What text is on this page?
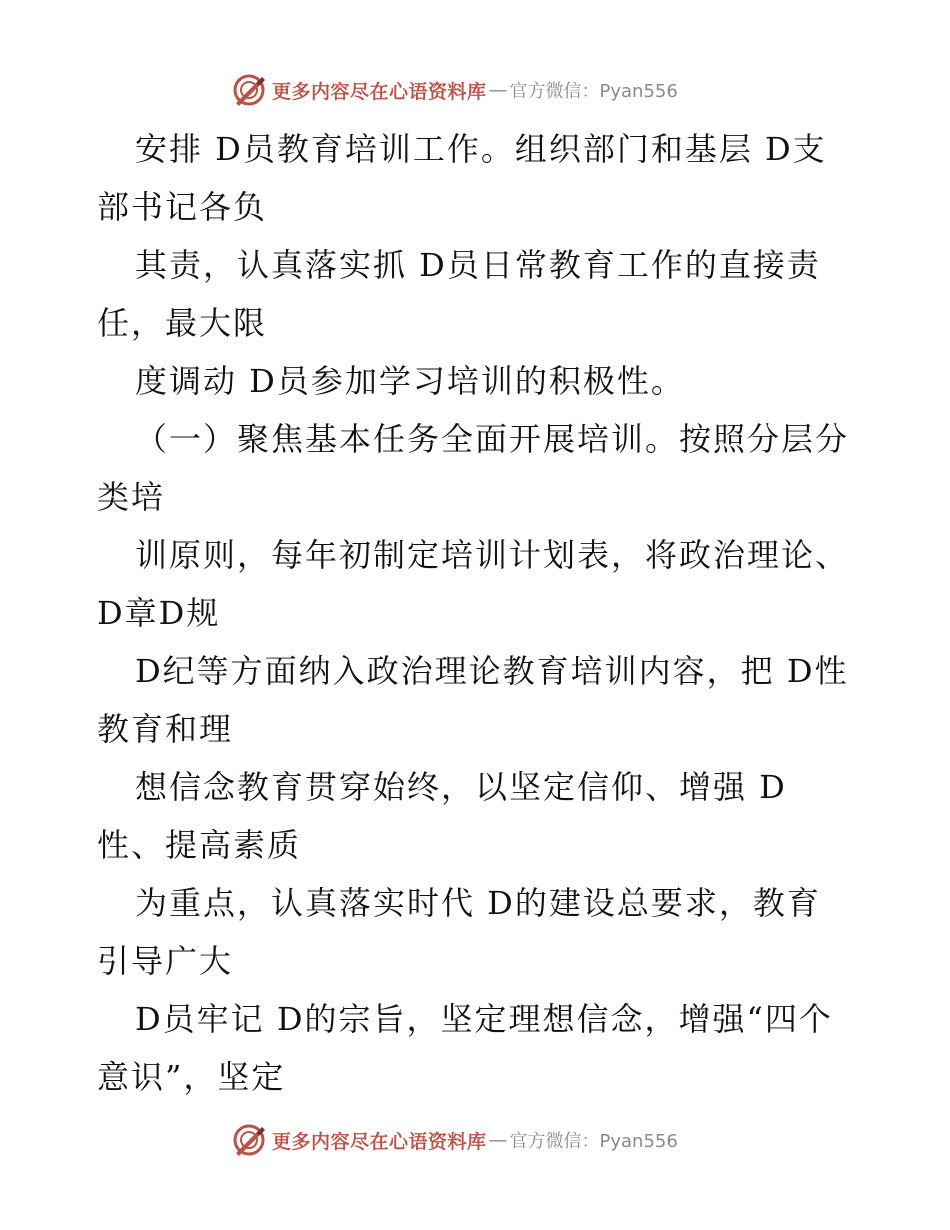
更多内容尽在心语资料库 — 官方微信：Pyan556
安排 D员教育培训工作。组织部门和基层 D支
部书记各负
其责，认真落实抓 D员日常教育工作的直接责
任，最大限
度调动 D员参加学习培训的积极性。
（一）聚焦基本任务全面开展培训。按照分层分
类培
训原则，每年初制定培训计划表，将政治理论、
D章D规
D纪等方面纳入政治理论教育培训内容，把 D性
教育和理
想信念教育贯穿始终，以坚定信仰、增强 D
性、提高素质
为重点，认真落实时代 D的建设总要求，教育
引导广大
D员牢记 D的宗旨，坚定理想信念，增强“四个
意识”，坚定
更多内容尽在心语资料库 — 官方微信：Pyan556
